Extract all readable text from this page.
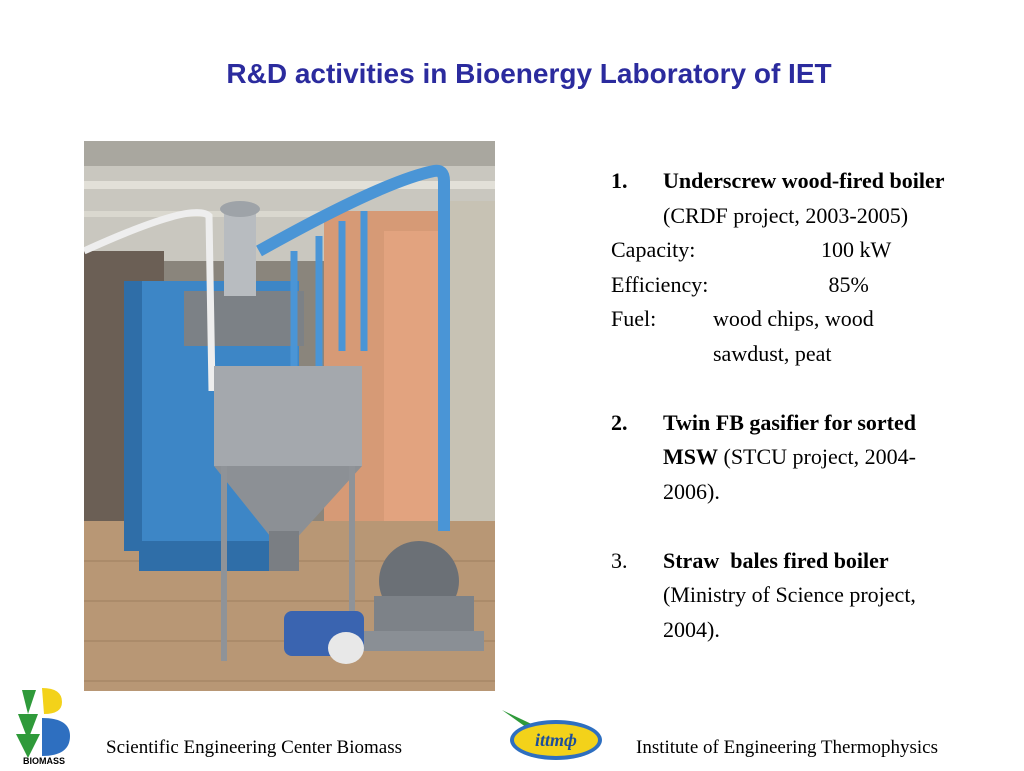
R&D activities in Bioenergy Laboratory of IET
1. Underscrew wood-fired boiler (CRDF project, 2003-2005)
Capacity:	100 kW
Efficiency:	85%
Fuel:	wood chips, wood sawdust, peat
2. Twin FB gasifier for sorted MSW (STCU project, 2004-2006).
3. Straw  bales fired boiler (Ministry of Science project, 2004).
BIOMASS
Scientific Engineering Center Biomass	ittmф	Institute of Engineering Thermophysics
